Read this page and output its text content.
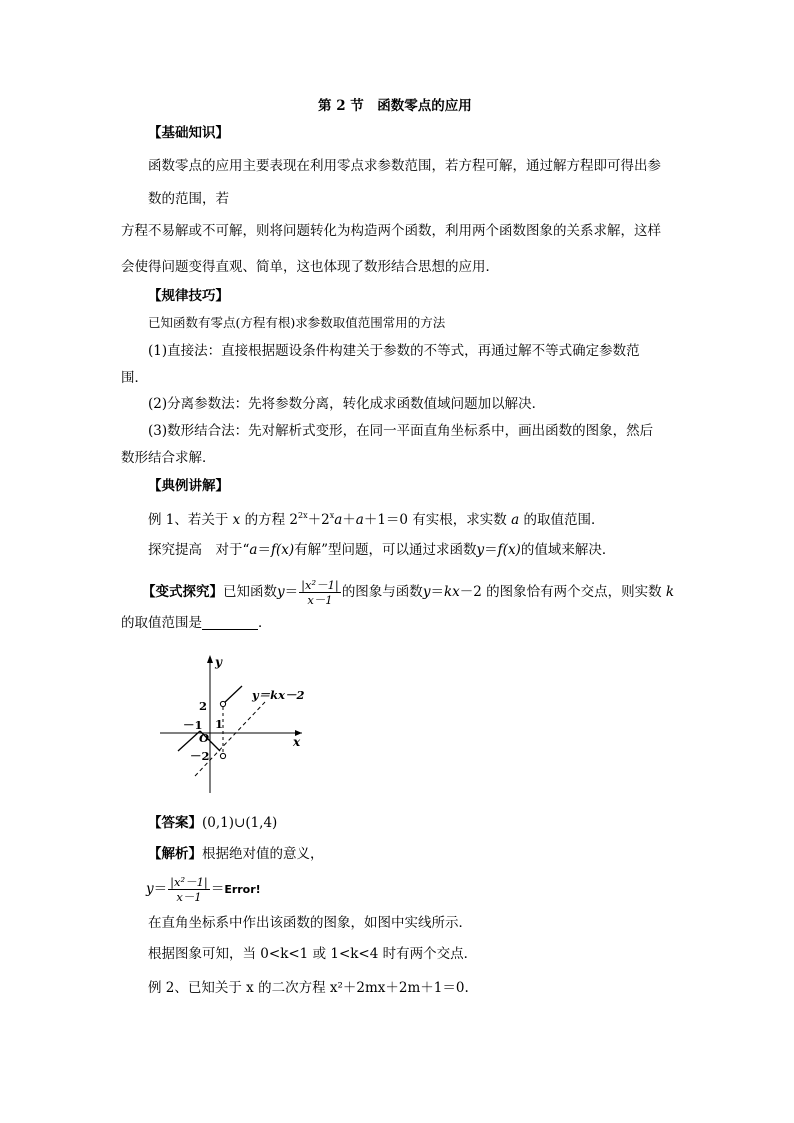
第 2 节　函数零点的应用
【基础知识】
函数零点的应用主要表现在利用零点求参数范围，若方程可解，通过解方程即可得出参
数的范围，若
方程不易解或不可解，则将问题转化为构造两个函数，利用两个函数图象的关系求解，这样
会使得问题变得直观、简单，这也体现了数形结合思想的应用．
【规律技巧】
已知函数有零点(方程有根)求参数取值范围常用的方法
(1)直接法：直接根据题设条件构建关于参数的不等式，再通过解不等式确定参数范
围．
(2)分离参数法：先将参数分离，转化成求函数值域问题加以解决．
(3)数形结合法：先对解析式变形，在同一平面直角坐标系中，画出函数的图象，然后
数形结合求解．
【典例讲解】
例 1、若关于 x 的方程 $2^{2x}+2^xa+a+1=0$ 有实根，求实数 a 的取值范围．
探究提高　对于“a＝f(x)有解”型问题，可以通过求函数y＝f(x)的值域来解决．
【变式探究】已知函数$y= \frac{\text{|x²－1|}}{x-1}$ 的图象与函数y＝kx－2 的图象恰有两个交点，则实数 k
的取值范围是	．
y
x
y＝kx－2
2
－1 1
O
－2
【答案】(0,1)∪(1,4)
【解析】根据绝对值的意义，
$y= \frac{\text{|x²－1|}}{x-1}$ ＝Error!
在直角坐标系中作出该函数的图象，如图中实线所示．
根据图象可知，当 0<k<1 或 1<k<4 时有两个交点．
例 2、已知关于 x 的二次方程 x²＋2mx＋2m＋1＝0.
